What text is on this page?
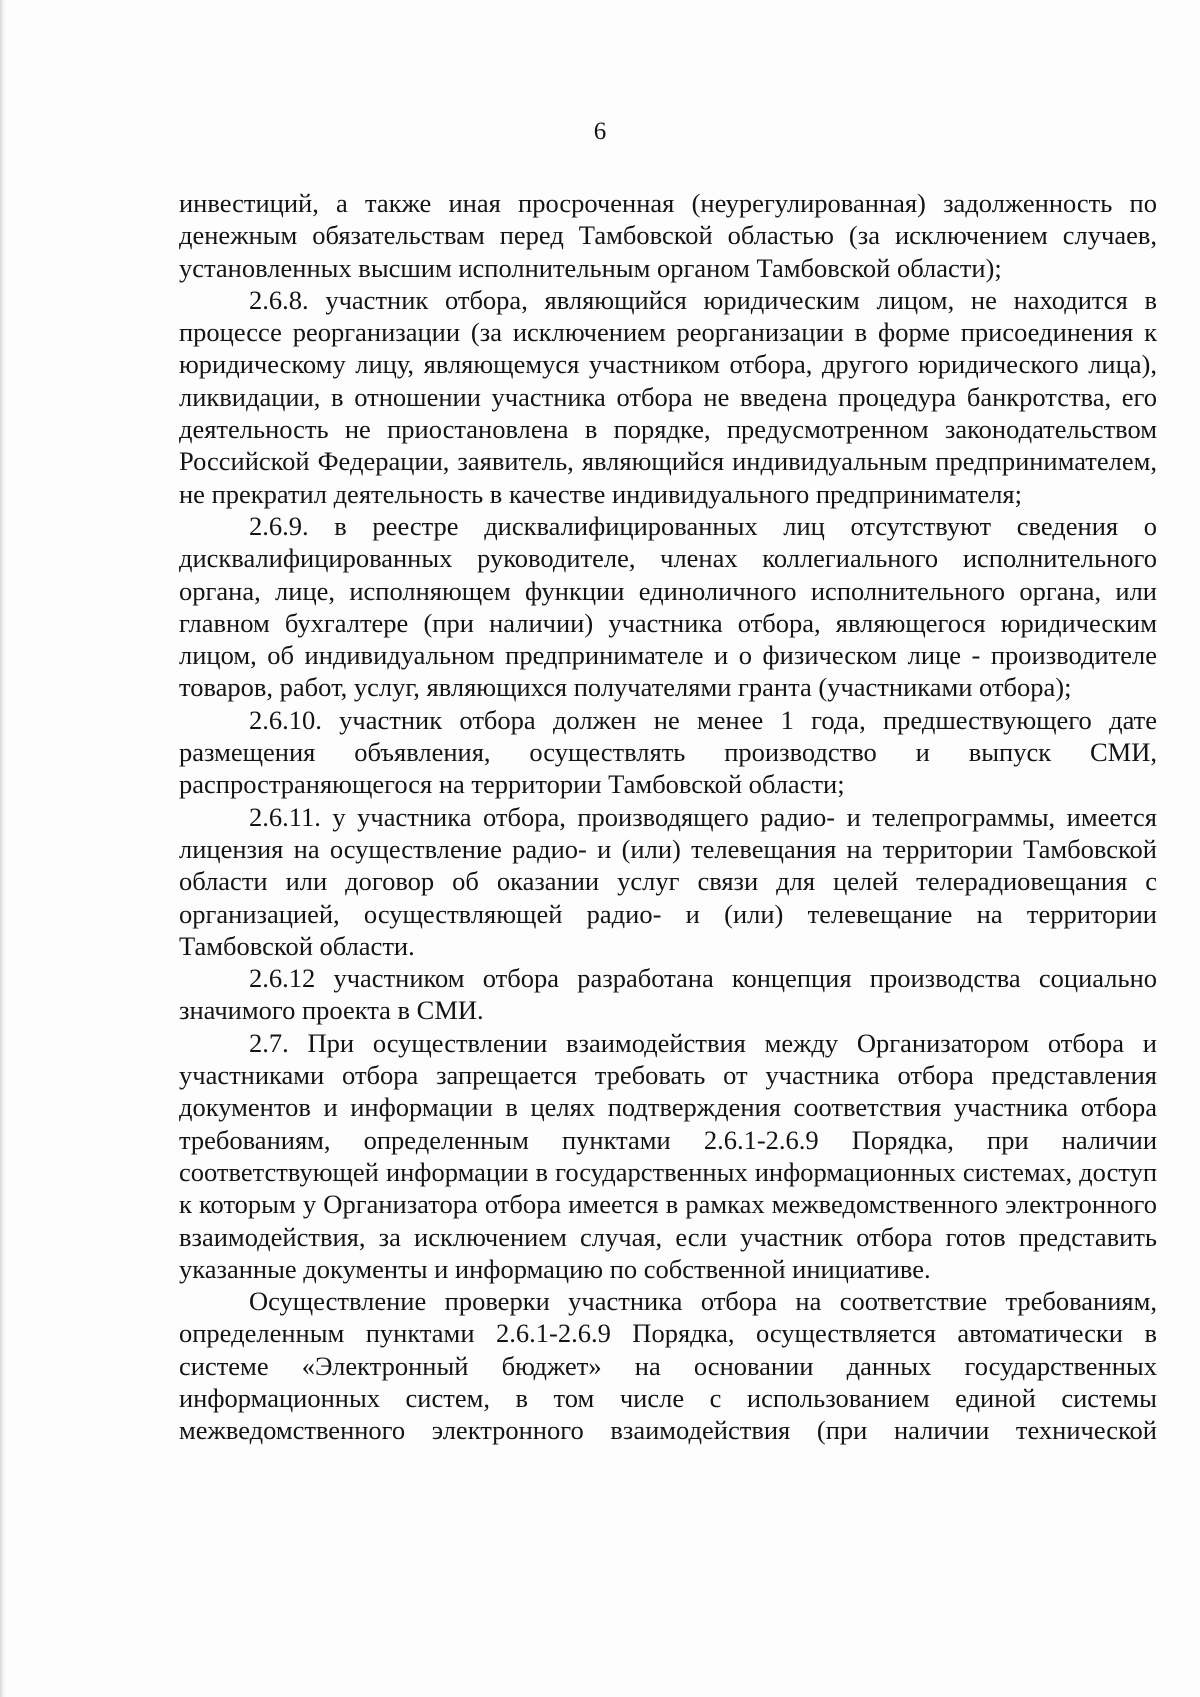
6

инвестиций, а также иная просроченная (неурегулированная) задолженность по денежным обязательствам перед Тамбовской областью (за исключением случаев, установленных высшим исполнительным органом Тамбовской области);

2.6.8. участник отбора, являющийся юридическим лицом, не находится в процессе реорганизации (за исключением реорганизации в форме присоединения к юридическому лицу, являющемуся участником отбора, другого юридического лица), ликвидации, в отношении участника отбора не введена процедура банкротства, его деятельность не приостановлена в порядке, предусмотренном законодательством Российской Федерации, заявитель, являющийся индивидуальным предпринимателем, не прекратил деятельность в качестве индивидуального предпринимателя;

2.6.9. в реестре дисквалифицированных лиц отсутствуют сведения о дисквалифицированных руководителе, членах коллегиального исполнительного органа, лице, исполняющем функции единоличного исполнительного органа, или главном бухгалтере (при наличии) участника отбора, являющегося юридическим лицом, об индивидуальном предпринимателе и о физическом лице - производителе товаров, работ, услуг, являющихся получателями гранта (участниками отбора);

2.6.10. участник отбора должен не менее 1 года, предшествующего дате размещения объявления, осуществлять производство и выпуск СМИ, распространяющегося на территории Тамбовской области;

2.6.11. у участника отбора, производящего радио- и телепрограммы, имеется лицензия на осуществление радио- и (или) телевещания на территории Тамбовской области или договор об оказании услуг связи для целей телерадиовещания с организацией, осуществляющей радио- и (или) телевещание на территории Тамбовской области.

2.6.12 участником отбора разработана концепция производства социально значимого проекта в СМИ.

2.7. При осуществлении взаимодействия между Организатором отбора и участниками отбора запрещается требовать от участника отбора представления документов и информации в целях подтверждения соответствия участника отбора требованиям, определенным пунктами 2.6.1-2.6.9 Порядка, при наличии соответствующей информации в государственных информационных системах, доступ к которым у Организатора отбора имеется в рамках межведомственного электронного взаимодействия, за исключением случая, если участник отбора готов представить указанные документы и информацию по собственной инициативе.

Осуществление проверки участника отбора на соответствие требованиям, определенным пунктами 2.6.1-2.6.9 Порядка, осуществляется автоматически в системе «Электронный бюджет» на основании данных государственных информационных систем, в том числе с использованием единой системы межведомственного электронного взаимодействия (при наличии технической
